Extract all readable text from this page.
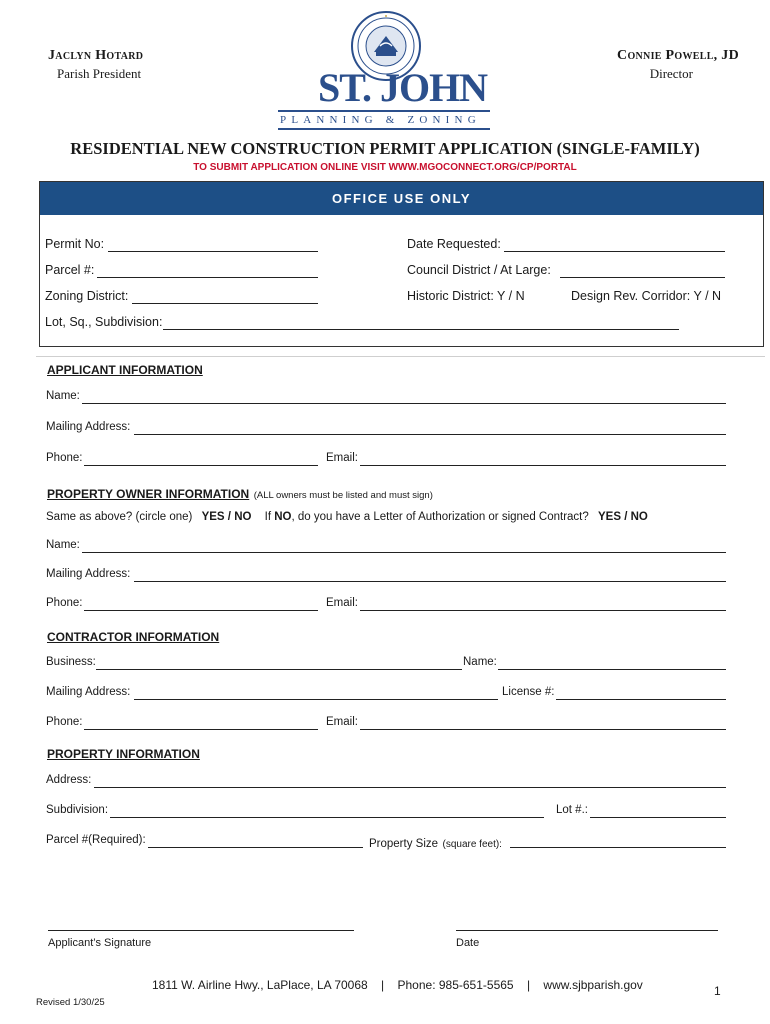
Jaclyn Hotard
Parish President
Connie Powell, JD
Director
ST. JOHN
PLANNING & ZONING
RESIDENTIAL NEW CONSTRUCTION PERMIT APPLICATION (SINGLE-FAMILY)
TO SUBMIT APPLICATION ONLINE VISIT WWW.MGOCONNECT.ORG/CP/PORTAL
OFFICE USE ONLY
Permit No:	Date Requested:
Parcel #:	Council District / At Large:
Zoning District:	Historic District: Y / N	Design Rev. Corridor: Y / N
Lot, Sq., Subdivision:
APPLICANT INFORMATION
Name:
Mailing Address:
Phone:	Email:
PROPERTY OWNER INFORMATION (ALL owners must be listed and must sign)
Same as above? (circle one) YES / NO If NO, do you have a Letter of Authorization or signed Contract? YES / NO
Name:
Mailing Address:
Phone:	Email:
CONTRACTOR INFORMATION
Business:	Name:
Mailing Address:	License #:
Phone:	Email:
PROPERTY INFORMATION
Address:
Subdivision:	Lot #.:
Parcel #(Required):	Property Size (square feet):
Applicant’s Signature	Date
1811 W. Airline Hwy., LaPlace, LA 70068 | Phone: 985-651-5565 | www.sjbparish.gov	1
Revised 1/30/25
